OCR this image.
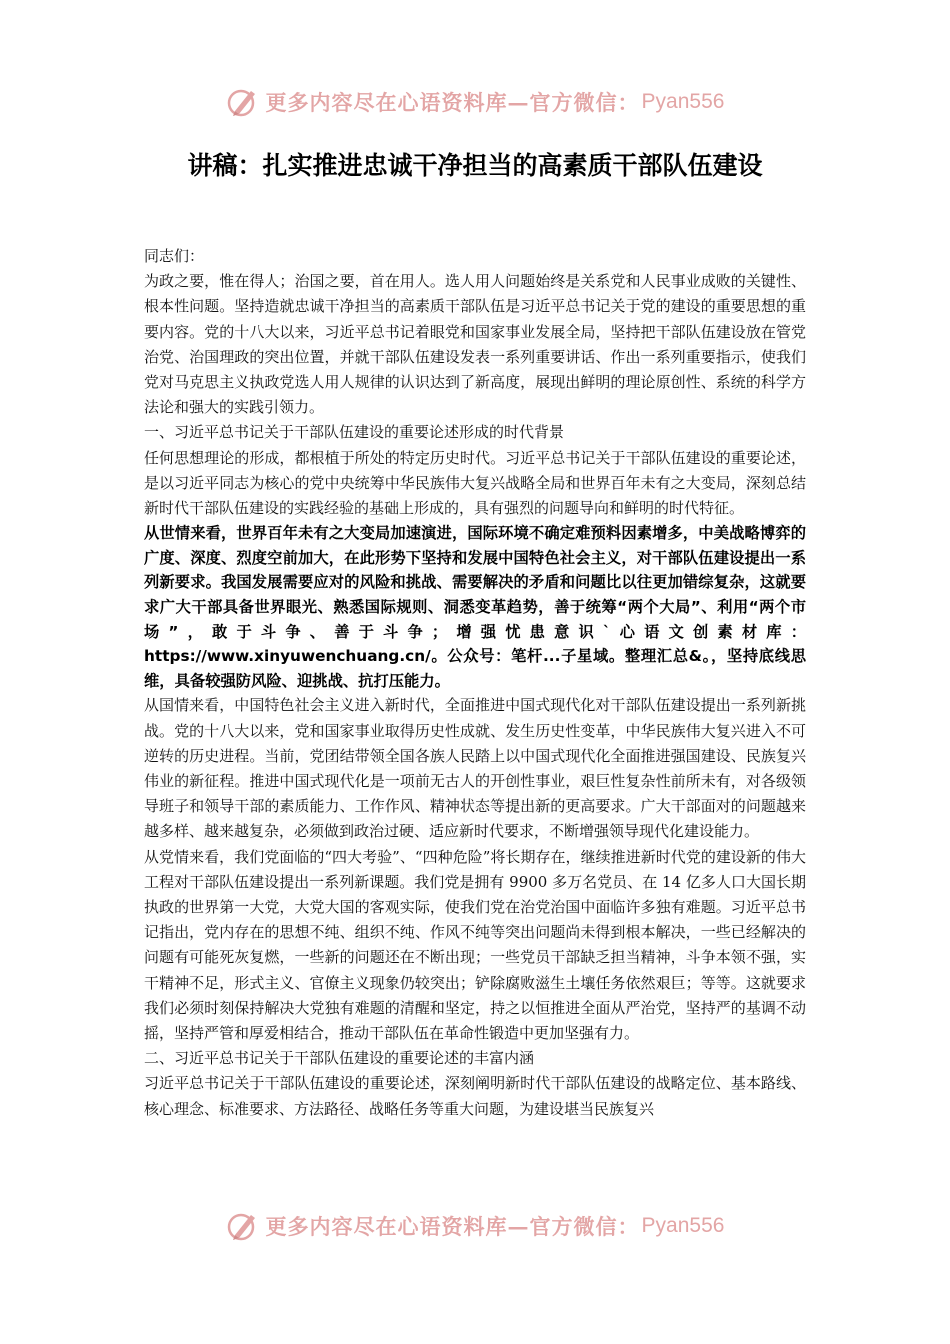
更多内容尽在心语资料库—官方微信： Pyan556
讲稿：扎实推进忠诚干净担当的高素质干部队伍建设

同志们：

为政之要，惟在得人；治国之要，首在用人。选人用人问题始终是关系党和人民事业成败的关键性、根本性问题。坚持造就忠诚干净担当的高素质干部队伍是习近平总书记关于党的建设的重要思想的重要内容。党的十八大以来，习近平总书记着眼党和国家事业发展全局，坚持把干部队伍建设放在管党治党、治国理政的突出位置，并就干部队伍建设发表一系列重要讲话、作出一系列重要指示，使我们党对马克思主义执政党选人用人规律的认识达到了新高度，展现出鲜明的理论原创性、系统的科学方法论和强大的实践引领力。

一、习近平总书记关于干部队伍建设的重要论述形成的时代背景

任何思想理论的形成，都根植于所处的特定历史时代。习近平总书记关于干部队伍建设的重要论述，是以习近平同志为核心的党中央统筹中华民族伟大复兴战略全局和世界百年未有之大变局，深刻总结新时代干部队伍建设的实践经验的基础上形成的，具有强烈的问题导向和鲜明的时代特征。

从世情来看，世界百年未有之大变局加速演进，国际环境不确定难预料因素增多，中美战略博弈的广度、深度、烈度空前加大，在此形势下坚持和发展中国特色社会主义，对干部队伍建设提出一系列新要求。我国发展需要应对的风险和挑战、需要解决的矛盾和问题比以往更加错综复杂，这就要求广大干部具备世界眼光、熟悉国际规则、洞悉变革趋势，善于统筹“两个大局”、利用“两个市场”，敢于斗争、善于斗争；增强忧患意识`心语文创素材库：https://www.xinyuwenchuang.cn/。公众号：笔杆...子星域。整理汇总&。，坚持底线思维，具备较强防风险、迎挑战、抗打压能力。

从国情来看，中国特色社会主义进入新时代，全面推进中国式现代化对干部队伍建设提出一系列新挑战。党的十八大以来，党和国家事业取得历史性成就、发生历史性变革，中华民族伟大复兴进入不可逆转的历史进程。当前，党团结带领全国各族人民踏上以中国式现代化全面推进强国建设、民族复兴伟业的新征程。推进中国式现代化是一项前无古人的开创性事业，艰巨性复杂性前所未有，对各级领导班子和领导干部的素质能力、工作作风、精神状态等提出新的更高要求。广大干部面对的问题越来越多样、越来越复杂，必须做到政治过硬、适应新时代要求，不断增强领导现代化建设能力。

从党情来看，我们党面临的“四大考验”、“四种危险”将长期存在，继续推进新时代党的建设新的伟大工程对干部队伍建设提出一系列新课题。我们党是拥有 9900 多万名党员、在 14 亿多人口大国长期执政的世界第一大党，大党大国的客观实际，使我们党在治党治国中面临许多独有难题。习近平总书记指出，党内存在的思想不纯、组织不纯、作风不纯等突出问题尚未得到根本解决，一些已经解决的问题有可能死灰复燃，一些新的问题还在不断出现；一些党员干部缺乏担当精神，斗争本领不强，实干精神不足，形式主义、官僚主义现象仍较突出；铲除腐败滋生土壤任务依然艰巨；等等。这就要求我们必须时刻保持解决大党独有难题的清醒和坚定，持之以恒推进全面从严治党，坚持严的基调不动摇，坚持严管和厚爱相结合，推动干部队伍在革命性锻造中更加坚强有力。

二、习近平总书记关于干部队伍建设的重要论述的丰富内涵

习近平总书记关于干部队伍建设的重要论述，深刻阐明新时代干部队伍建设的战略定位、基本路线、核心理念、标准要求、方法路径、战略任务等重大问题，为建设堪当民族复兴

更多内容尽在心语资料库—官方微信： Pyan556
